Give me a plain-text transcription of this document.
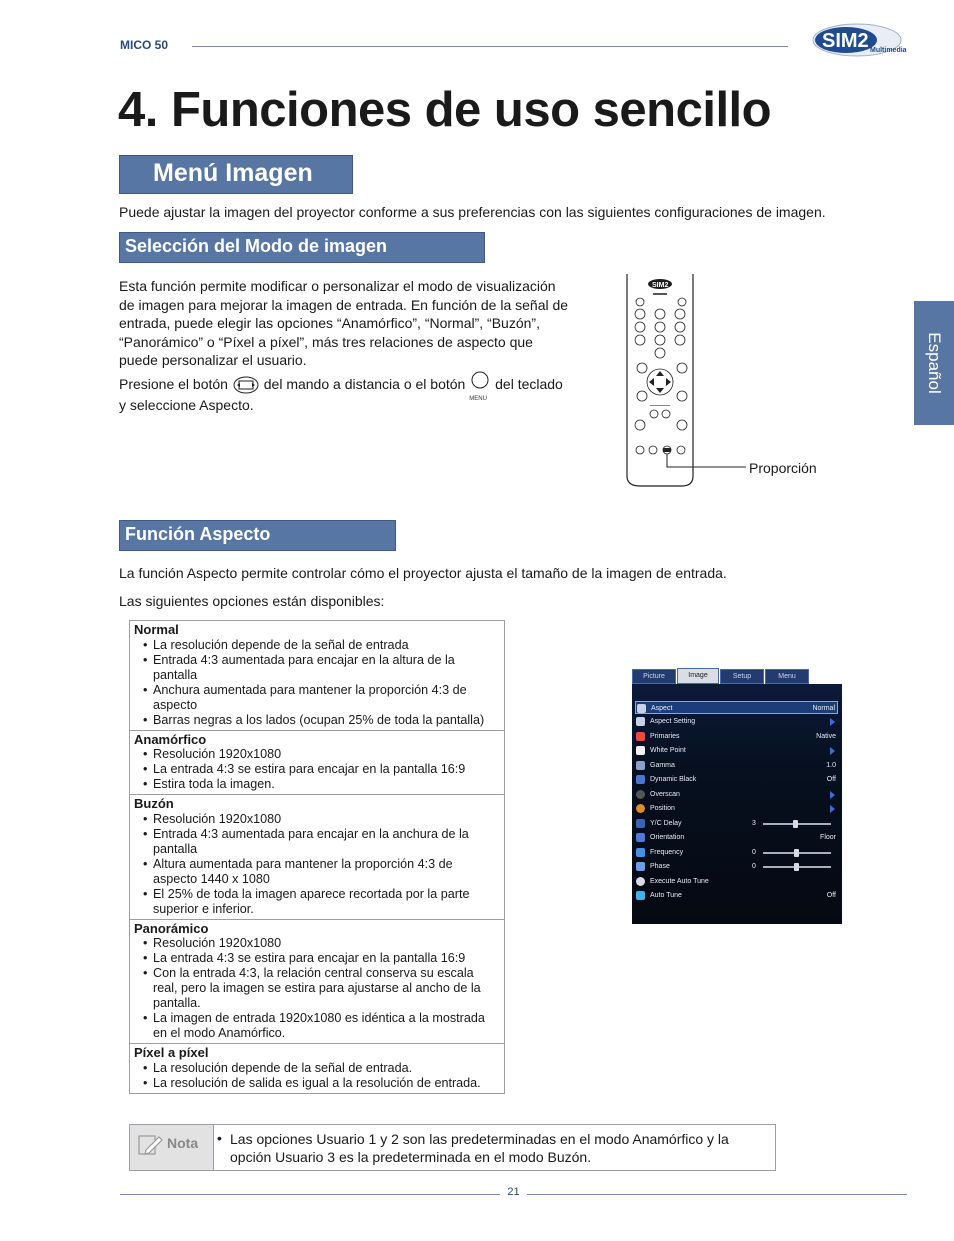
MICO 50	SIM2 Multimedia
4. Funciones de uso sencillo
Menú Imagen
Puede ajustar la imagen del proyector conforme a sus preferencias con las siguientes configuraciones de imagen.
Español
Selección del Modo de imagen
Esta función permite modificar o personalizar el modo de visualización
de imagen para mejorar la imagen de entrada. En función de la señal de
entrada, puede elegir las opciones “Anamórfico”, “Normal”, “Buzón”,
“Panorámico” o “Píxel a píxel”, más tres relaciones de aspecto que
puede personalizar el usuario.
Presione el botón	del mando a distancia o el botón
MENU
del teclado
y seleccione Aspecto.
SIM2
Proporción
Función Aspecto
La función Aspecto permite controlar cómo el proyector ajusta el tamaño de la imagen de entrada.
Las siguientes opciones están disponibles:
Normal
• La resolución depende de la señal de entrada
• Entrada 4:3 aumentada para encajar en la altura de la pantalla
• Anchura aumentada para mantener la proporción 4:3 de aspecto
• Barras negras a los lados (ocupan 25% de toda la pantalla)
Anamórfico
• Resolución 1920x1080
• La entrada 4:3 se estira para encajar en la pantalla 16:9
• Estira toda la imagen.
Buzón
• Resolución 1920x1080
• Entrada 4:3 aumentada para encajar en la anchura de la pantalla
• Altura aumentada para mantener la proporción 4:3 de aspecto 1440 x 1080
• El 25% de toda la imagen aparece recortada por la parte superior e inferior.
Panorámico
• Resolución 1920x1080
• La entrada 4:3 se estira para encajar en la pantalla 16:9
• Con la entrada 4:3, la relación central conserva su escala real, pero la imagen se estira para ajustarse al ancho de la pantalla.
• La imagen de entrada 1920x1080 es idéntica a la mostrada en el modo Anamórfico.
Píxel a píxel
• La resolución depende de la señal de entrada.
• La resolución de salida es igual a la resolución de entrada.
Picture	Image	Setup	Menu
Aspect	Normal
Aspect Setting
Primaries	Native
White Point
Gamma	1.0
Dynamic Black	Off
Overscan
Position
Y/C Delay	3
Orientation	Floor
Frequency	0
Phase	0
Execute Auto Tune
Auto Tune	Off
Nota • Las opciones Usuario 1 y 2 son las predeterminadas en el modo Anamórfico y la opción Usuario 3 es la predeterminada en el modo Buzón.
21
